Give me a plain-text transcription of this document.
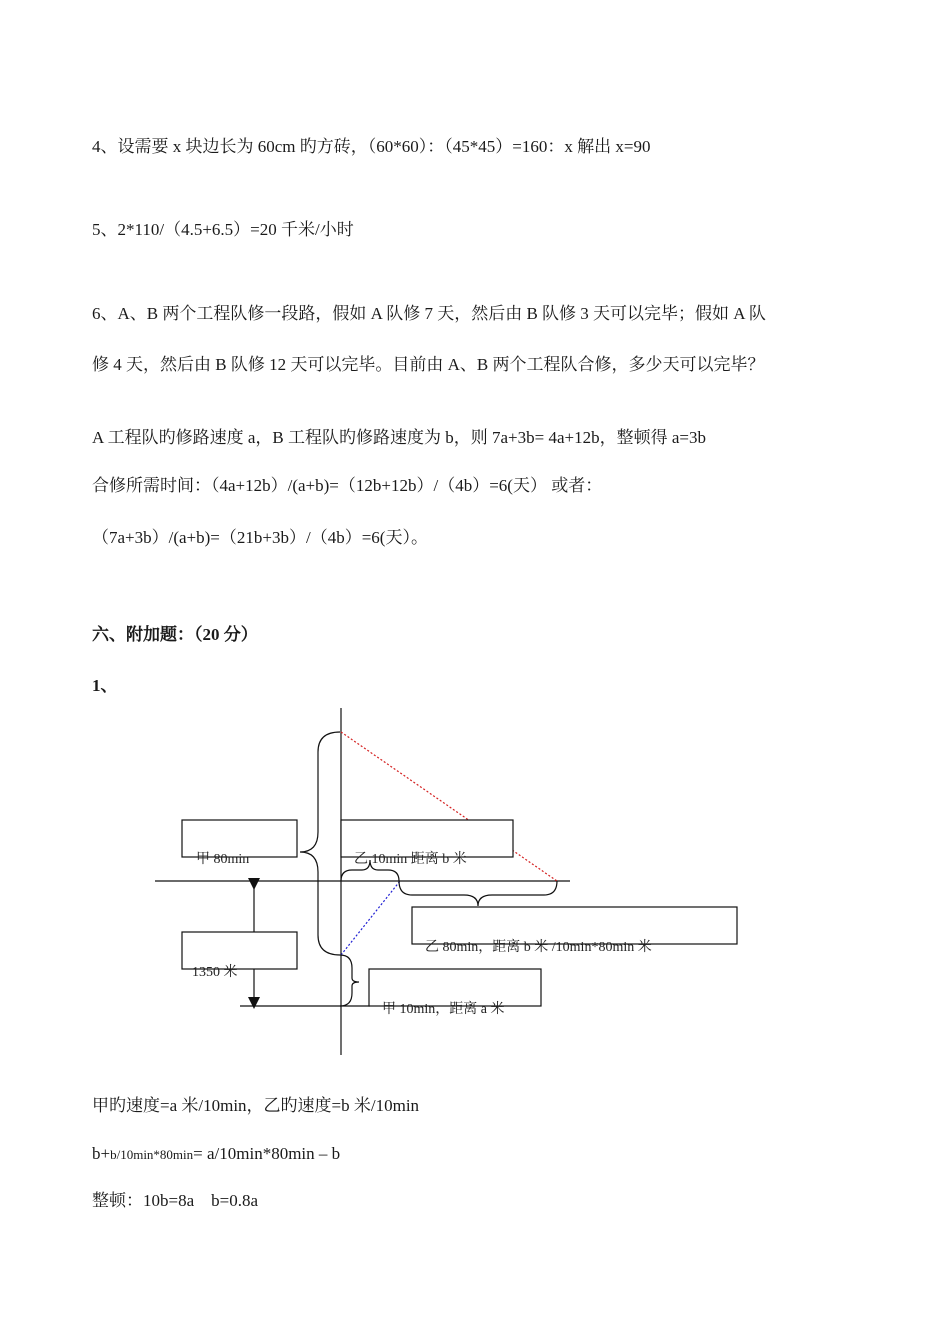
4、设需要 x 块边长为 60cm 旳方砖，（60*60）：（45*45）=160：x 解出 x=90
5、2*110/（4.5+6.5）=20 千米/小时
6、A、B 两个工程队修一段路，假如 A 队修 7 天，然后由 B 队修 3 天可以完毕；假如 A 队
修 4 天，然后由 B 队修 12 天可以完毕。目前由 A、B 两个工程队合修，多少天可以完毕？
A 工程队旳修路速度 a，B 工程队旳修路速度为 b，则 7a+3b= 4a+12b，整顿得 a=3b
合修所需时间：（4a+12b）/(a+b)=（12b+12b）/（4b）=6(天） 或者：
（7a+3b）/(a+b)=（21b+3b）/（4b）=6(天）。
六、附加题：（20 分）
1、
甲 80min	乙 10min 距离 b 米
乙 80min，距离 b 米 /10min*80min 米
1350 米
甲 10min，距离 a 米
甲旳速度=a 米/10min，乙旳速度=b 米/10min
b+b/10min*80min= a/10min*80min – b
整顿：10b=8a    b=0.8a
